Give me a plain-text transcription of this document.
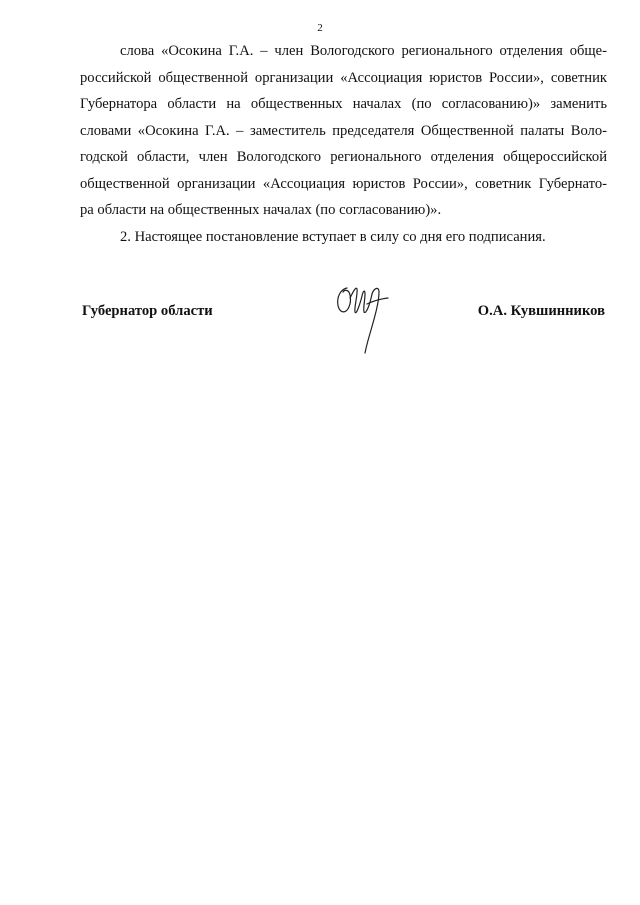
2

слова «Осокина Г.А. – член Вологодского регионального отделения обще-
российской общественной организации «Ассоциация юристов России», советник
Губернатора области на общественных началах (по согласованию)» заменить
словами «Осокина Г.А. – заместитель председателя Общественной палаты Воло-
годской области, член Вологодского регионального отделения общероссийской
общественной организации «Ассоциация юристов России», советник Губернато-
ра области на общественных началах (по согласованию)».

2. Настоящее постановление вступает в силу со дня его подписания.

Губернатор области	О.А. Кувшинников
